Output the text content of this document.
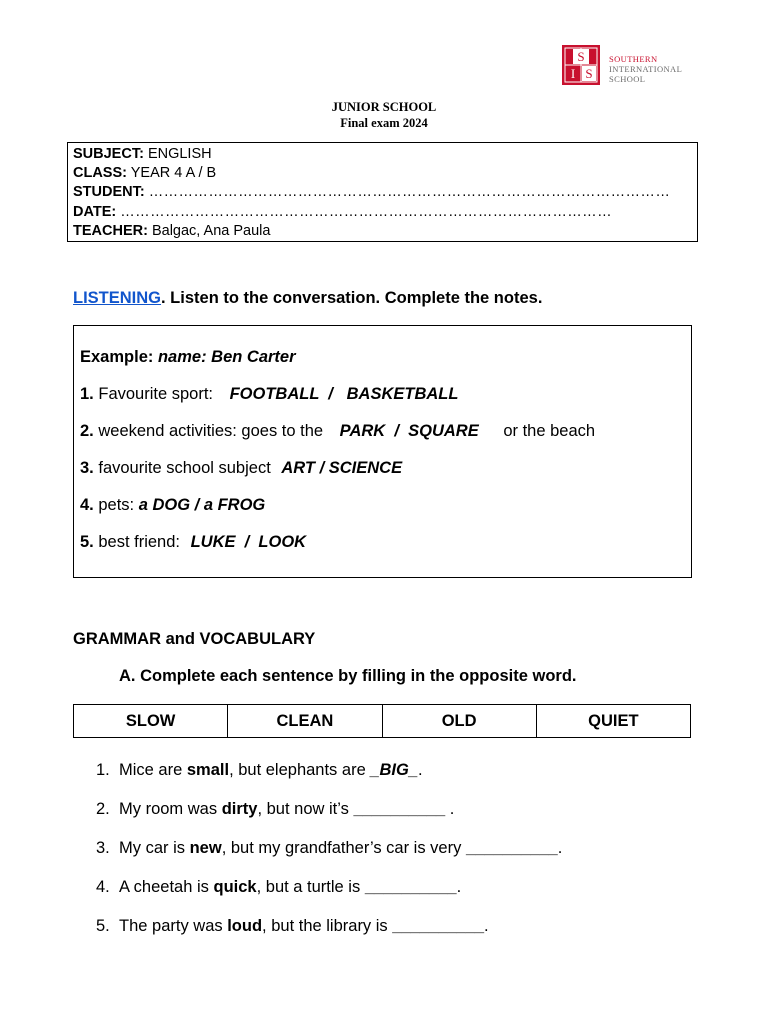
S
I S
SOUTHERN
INTERNATIONAL
SCHOOL
JUNIOR SCHOOL
Final exam 2024
SUBJECT: ENGLISH
CLASS: YEAR 4 A / B
STUDENT: ……………………………………………………………………………………………
DATE: ………………………………………………………………………………………
TEACHER: Balgac, Ana Paula
LISTENING. Listen to the conversation. Complete the notes.
Example: name: Ben Carter
1. Favourite sport: FOOTBALL  /   BASKETBALL
2. weekend activities: goes to the PARK  /  SQUARE or the beach
3. favourite school subject ART / SCIENCE
4. pets: a DOG / a FROG
5. best friend: LUKE  /  LOOK
GRAMMAR and VOCABULARY
A. Complete each sentence by filling in the opposite word.
SLOW	CLEAN	OLD	QUIET
1. Mice are small, but elephants are _BIG_.
2. My room was dirty, but now it’s __________ .
3. My car is new, but my grandfather’s car is very __________.
4. A cheetah is quick, but a turtle is __________.
5. The party was loud, but the library is __________.
